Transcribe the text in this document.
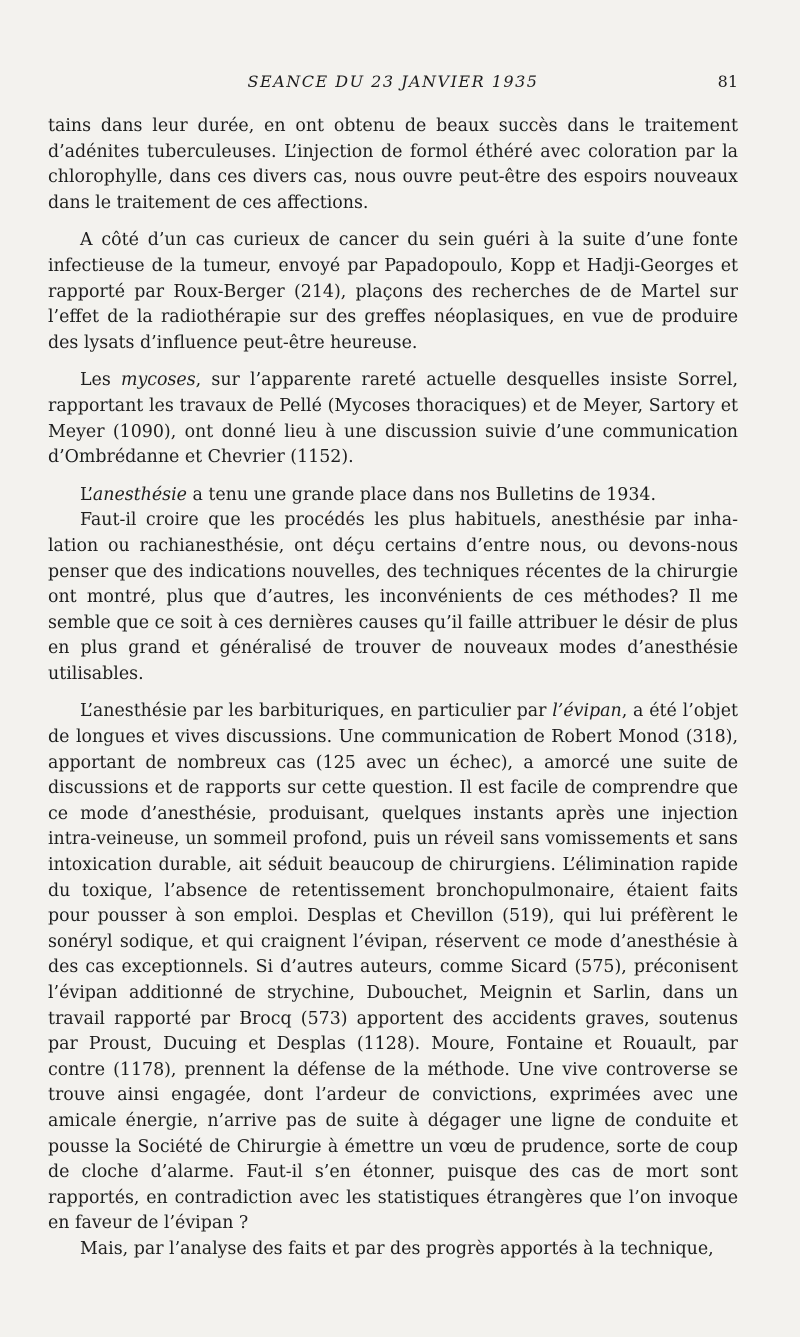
SEANCE DU 23 JANVIER 1935	81

tains dans leur durée, en ont obtenu de beaux succès dans le traitement d’adénites tuberculeuses. L’injection de formol éthéré avec coloration par la chlorophylle, dans ces divers cas, nous ouvre peut-être des espoirs nouveaux dans le traitement de ces affections.

A côté d’un cas curieux de cancer du sein guéri à la suite d’une fonte infectieuse de la tumeur, envoyé par Papadopoulo, Kopp et Hadji-Georges et rapporté par Roux-Berger (214), plaçons des recherches de de Martel sur l’effet de la radiothérapie sur des greffes néoplasiques, en vue de produire des lysats d’influence peut-être heureuse.

Les mycoses, sur l’apparente rareté actuelle desquelles insiste Sorrel, rapportant les travaux de Pellé (Mycoses thoraciques) et de Meyer, Sartory et Meyer (1090), ont donné lieu à une discussion suivie d’une communication d’Ombrédanne et Chevrier (1152).

L’anesthésie a tenu une grande place dans nos Bulletins de 1934.

Faut-il croire que les procédés les plus habituels, anesthésie par inhalation ou rachianesthésie, ont déçu certains d’entre nous, ou devons-nous penser que des indications nouvelles, des techniques récentes de la chirurgie ont montré, plus que d’autres, les inconvénients de ces méthodes? Il me semble que ce soit à ces dernières causes qu’il faille attribuer le désir de plus en plus grand et généralisé de trouver de nouveaux modes d’anesthésie utilisables.

L’anesthésie par les barbituriques, en particulier par l’évipan, a été l’objet de longues et vives discussions. Une communication de Robert Monod (318), apportant de nombreux cas (125 avec un échec), a amorcé une suite de discussions et de rapports sur cette question. Il est facile de comprendre que ce mode d’anesthésie, produisant, quelques instants après une injection intra-veineuse, un sommeil profond, puis un réveil sans vomissements et sans intoxication durable, ait séduit beaucoup de chirurgiens. L’élimination rapide du toxique, l’absence de retentissement bronchopulmonaire, étaient faits pour pousser à son emploi. Desplas et Chevillon (519), qui lui préfèrent le sonéryl sodique, et qui craignent l’évipan, réservent ce mode d’anesthésie à des cas exceptionnels. Si d’autres auteurs, comme Sicard (575), préconisent l’évipan additionné de strychine, Dubouchet, Meignin et Sarlin, dans un travail rapporté par Brocq (573) apportent des accidents graves, soutenus par Proust, Ducuing et Desplas (1128). Moure, Fontaine et Rouault, par contre (1178), prennent la défense de la méthode. Une vive controverse se trouve ainsi engagée, dont l’ardeur de convictions, exprimées avec une amicale énergie, n’arrive pas de suite à dégager une ligne de conduite et pousse la Société de Chirurgie à émettre un vœu de prudence, sorte de coup de cloche d’alarme. Faut-il s’en étonner, puisque des cas de mort sont rapportés, en contradiction avec les statistiques étrangères que l’on invoque en faveur de l’évipan ?

Mais, par l’analyse des faits et par des progrès apportés à la technique,
